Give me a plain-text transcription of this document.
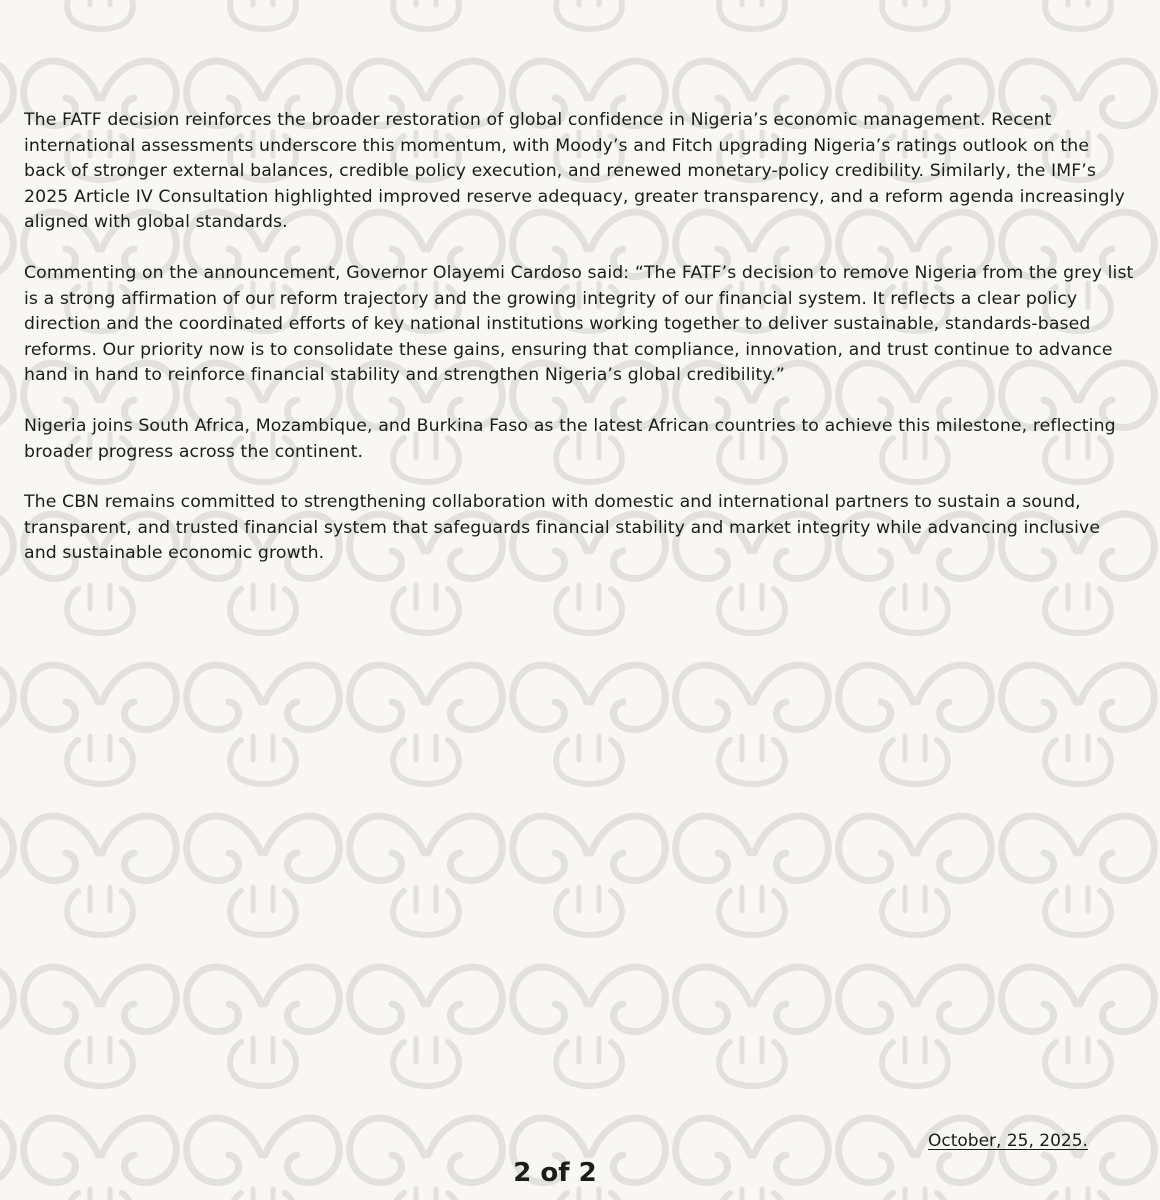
The FATF decision reinforces the broader restoration of global confidence in Nigeria’s economic management. Recent international assessments underscore this momentum, with Moody’s and Fitch upgrading Nigeria’s ratings outlook on the back of stronger external balances, credible policy execution, and renewed monetary-policy credibility. Similarly, the IMF’s 2025 Article IV Consultation highlighted improved reserve adequacy, greater transparency, and a reform agenda increasingly aligned with global standards.

Commenting on the announcement, Governor Olayemi Cardoso said: “The FATF’s decision to remove Nigeria from the grey list is a strong affirmation of our reform trajectory and the growing integrity of our financial system. It reflects a clear policy direction and the coordinated efforts of key national institutions working together to deliver sustainable, standards-based reforms. Our priority now is to consolidate these gains, ensuring that compliance, innovation, and trust continue to advance hand in hand to reinforce financial stability and strengthen Nigeria’s global credibility.”

Nigeria joins South Africa, Mozambique, and Burkina Faso as the latest African countries to achieve this milestone, reflecting broader progress across the continent.

The CBN remains committed to strengthening collaboration with domestic and international partners to sustain a sound, transparent, and trusted financial system that safeguards financial stability and market integrity while advancing inclusive and sustainable economic growth.

October, 25, 2025.
2 of 2
